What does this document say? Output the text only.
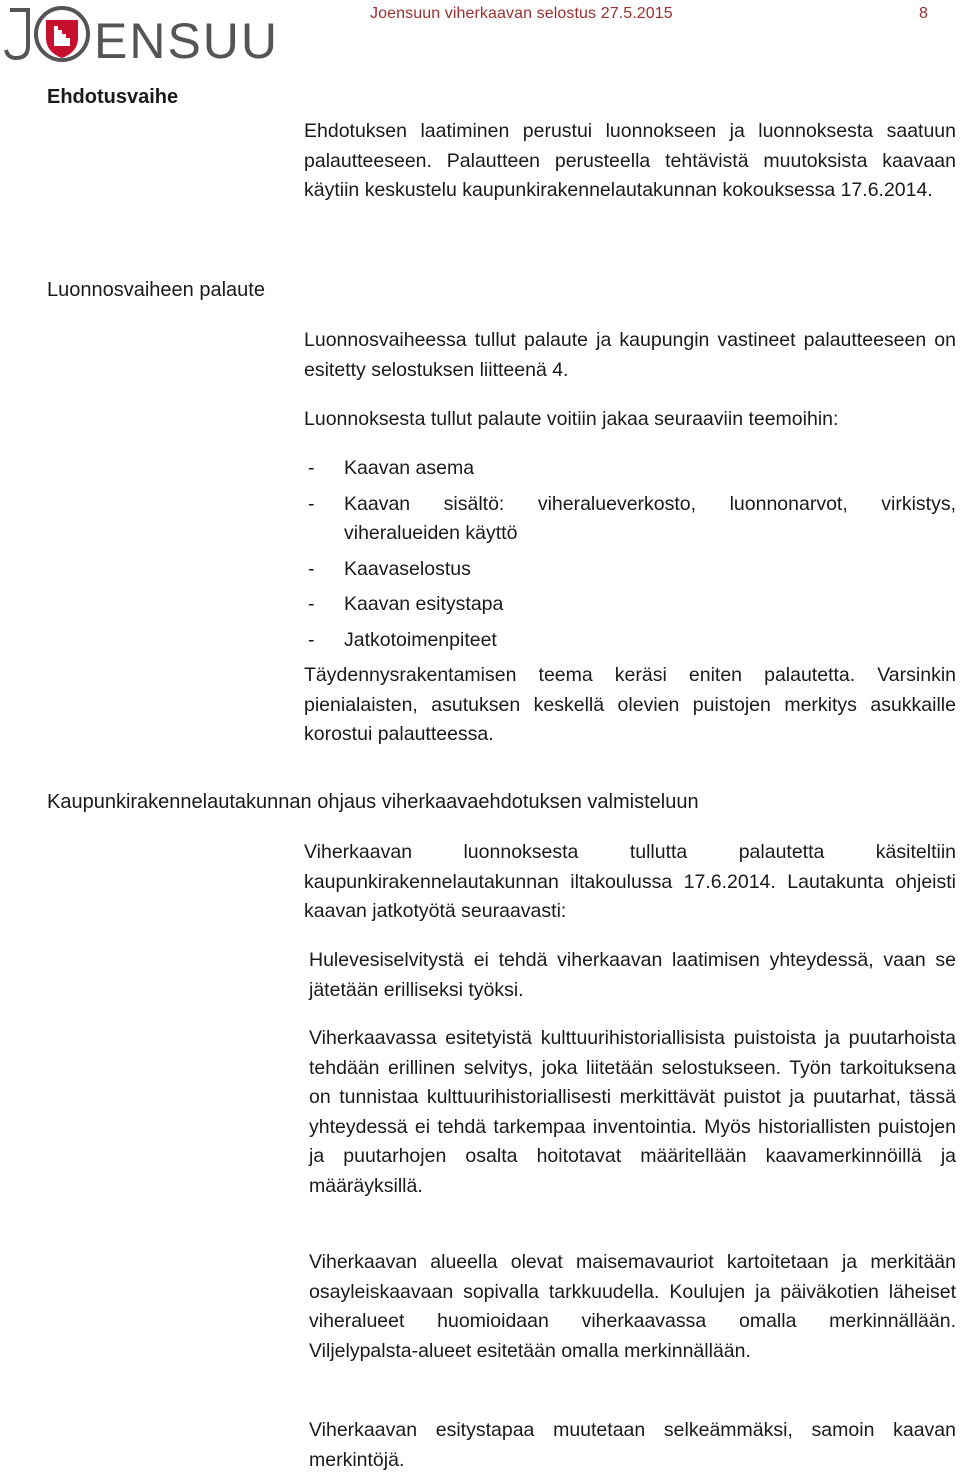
ENSUU	Joensuun viherkaavan selostus 27.5.2015	8
Ehdotusvaihe
Ehdotuksen laatiminen perustui luonnokseen ja luonnoksesta saatuun palautteeseen. Palautteen perusteella tehtävistä muutoksista kaavaan käytiin keskustelu kaupunkirakennelautakunnan kokouksessa 17.6.2014.
Luonnosvaiheen palaute
Luonnosvaiheessa tullut palaute ja kaupungin vastineet palautteeseen on esitetty selostuksen liitteenä 4.
Luonnoksesta tullut palaute voitiin jakaa seuraaviin teemoihin:
- Kaavan asema
- Kaavan sisältö: viheralueverkosto, luonnonarvot, virkistys, viheralueiden käyttö
- Kaavaselostus
- Kaavan esitystapa
- Jatkotoimenpiteet
Täydennysrakentamisen teema keräsi eniten palautetta. Varsinkin pienialaisten, asutuksen keskellä olevien puistojen merkitys asukkaille korostui palautteessa.
Kaupunkirakennelautakunnan ohjaus viherkaavaehdotuksen valmisteluun
Viherkaavan luonnoksesta tullutta palautetta käsiteltiin kaupunkirakennelautakunnan iltakoulussa 17.6.2014. Lautakunta ohjeisti kaavan jatkotyötä seuraavasti:
Hulevesiselvitystä ei tehdä viherkaavan laatimisen yhteydessä, vaan se jätetään erilliseksi työksi.
Viherkaavassa esitetyistä kulttuurihistoriallisista puistoista ja puutarhoista tehdään erillinen selvitys, joka liitetään selostukseen. Työn tarkoituksena on tunnistaa kulttuurihistoriallisesti merkittävät puistot ja puutarhat, tässä yhteydessä ei tehdä tarkempaa inventointia. Myös historiallisten puistojen ja puutarhojen osalta hoitotavat määritellään kaavamerkinnöillä ja määräyksillä.
Viherkaavan alueella olevat maisemavauriot kartoitetaan ja merkitään osayleiskaavaan sopivalla tarkkuudella. Koulujen ja päiväkotien läheiset viheralueet huomioidaan viherkaavassa omalla merkinnällään. Viljelypalsta-alueet esitetään omalla merkinnällään.
Viherkaavan esitystapaa muutetaan selkeämmäksi, samoin kaavan merkintöjä.
